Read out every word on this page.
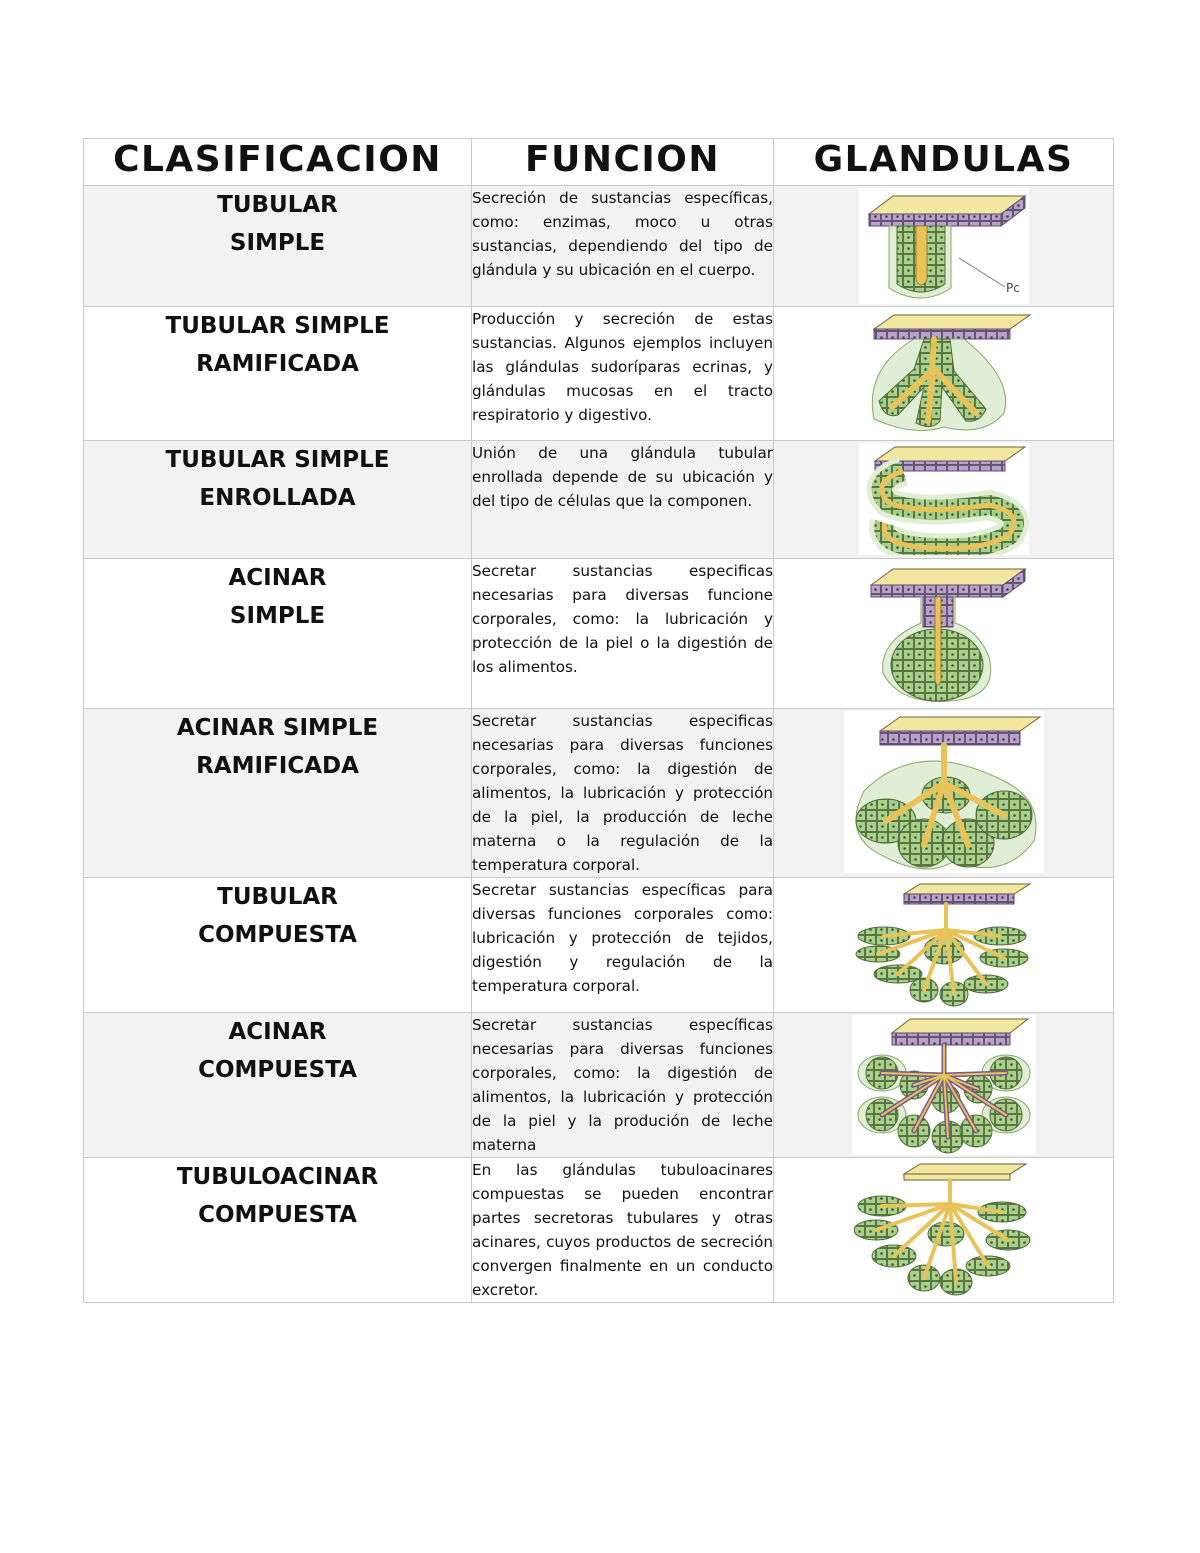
CLASIFICACION	FUNCION	GLANDULAS
TUBULAR
SIMPLE	Secreción de sustancias específicas, como: enzimas, moco u otras sustancias, dependiendo del tipo de glándula y su ubicación en el cuerpo.	Pc

TUBULAR SIMPLE
RAMIFICADA	Producción y secreción de estas sustancias. Algunos ejemplos incluyen las glándulas sudoríparas ecrinas, y glándulas mucosas en el tracto respiratorio y digestivo.	

TUBULAR SIMPLE
ENROLLADA	Unión de una glándula tubular enrollada depende de su ubicación y del tipo de células que la componen.	

ACINAR
SIMPLE	Secretar sustancias especificas necesarias para diversas funcione corporales, como: la lubricación y protección de la piel o la digestión de los alimentos.	

ACINAR SIMPLE
RAMIFICADA	Secretar sustancias especificas necesarias para diversas funciones corporales, como: la digestión de alimentos, la lubricación y protección de la piel, la producción de leche materna o la regulación de la temperatura corporal.	

TUBULAR
COMPUESTA	Secretar sustancias específicas para diversas funciones corporales como: lubricación y protección de tejidos, digestión y regulación de la temperatura corporal.	

ACINAR
COMPUESTA	Secretar sustancias específicas necesarias para diversas funciones corporales, como: la digestión de alimentos, la lubricación y protección de la piel y la produción de leche materna	

TUBULOACINAR
COMPUESTA	En las glándulas tubuloacinares compuestas se pueden encontrar partes secretoras tubulares y otras acinares, cuyos productos de secreción convergen finalmente en un conducto excretor.	
